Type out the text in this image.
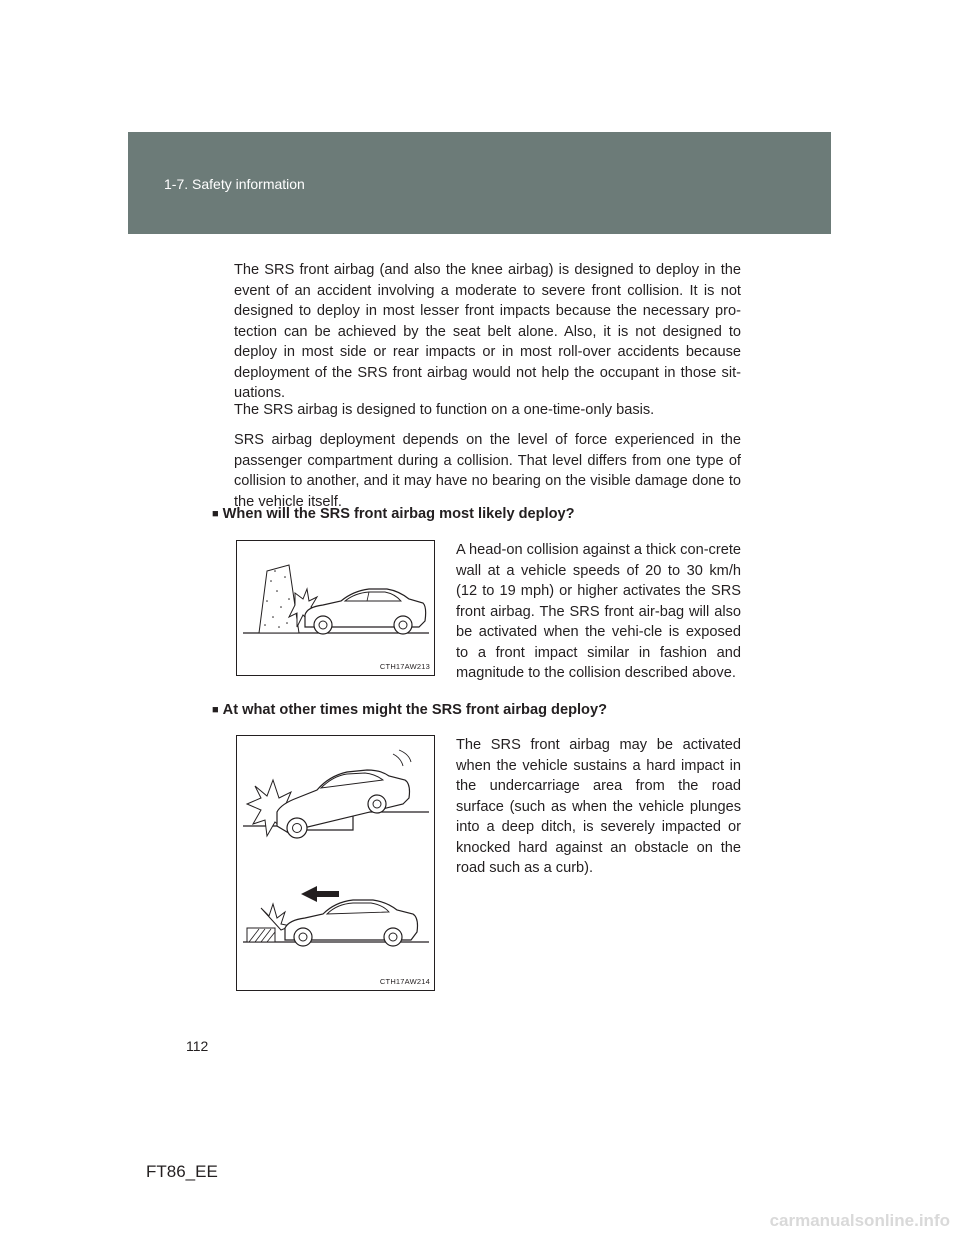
1-7. Safety information

The SRS front airbag (and also the knee airbag) is designed to deploy in the event of an accident involving a moderate to severe front collision. It is not designed to deploy in most lesser front impacts because the necessary pro-tection can be achieved by the seat belt alone. Also, it is not designed to deploy in most side or rear impacts or in most roll-over accidents because deployment of the SRS front airbag would not help the occupant in those sit-uations.

The SRS airbag is designed to function on a one-time-only basis.

SRS airbag deployment depends on the level of force experienced in the passenger compartment during a collision. That level differs from one type of collision to another, and it may have no bearing on the visible damage done to the vehicle itself.

■ When will the SRS front airbag most likely deploy?
CTH17AW213

A head-on collision against a thick con-crete wall at a vehicle speeds of 20 to 30 km/h (12 to 19 mph) or higher activates the SRS front airbag. The SRS front air-bag will also be activated when the vehi-cle is exposed to a front impact similar in fashion and magnitude to the collision described above.

■ At what other times might the SRS front airbag deploy?
CTH17AW214

The SRS front airbag may be activated when the vehicle sustains a hard impact in the undercarriage area from the road surface (such as when the vehicle plunges into a deep ditch, is severely impacted or knocked hard against an obstacle on the road such as a curb).

112
FT86_EE
carmanualsonline.info
